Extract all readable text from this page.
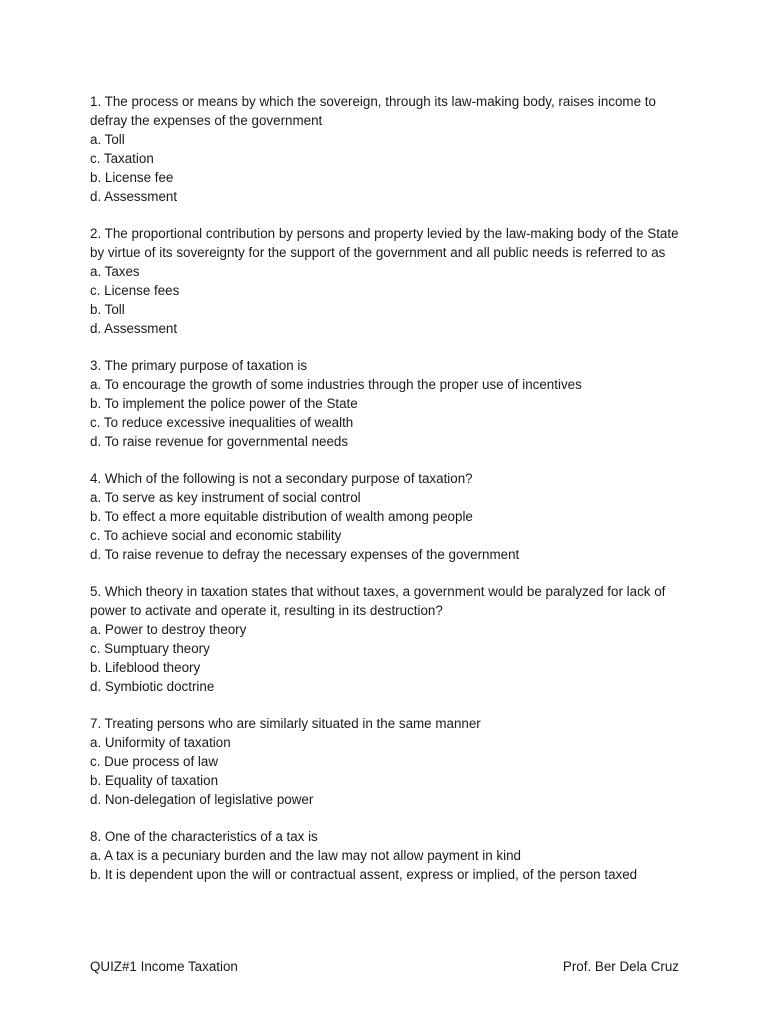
1. The process or means by which the sovereign, through its law-making body, raises income to defray the expenses of the government
a. Toll
c. Taxation
b. License fee
d. Assessment
2. The proportional contribution by persons and property levied by the law-making body of the State by virtue of its sovereignty for the support of the government and all public needs is referred to as
a. Taxes
c. License fees
b. Toll
d. Assessment
3. The primary purpose of taxation is
a. To encourage the growth of some industries through the proper use of incentives
b. To implement the police power of the State
c. To reduce excessive inequalities of wealth
d. To raise revenue for governmental needs
4. Which of the following is not a secondary purpose of taxation?
a. To serve as key instrument of social control
b. To effect a more equitable distribution of wealth among people
c. To achieve social and economic stability
d. To raise revenue to defray the necessary expenses of the government
5. Which theory in taxation states that without taxes, a government would be paralyzed for lack of power to activate and operate it, resulting in its destruction?
a. Power to destroy theory
c. Sumptuary theory
b. Lifeblood theory
d. Symbiotic doctrine
7. Treating persons who are similarly situated in the same manner
a. Uniformity of taxation
c. Due process of law
b. Equality of taxation
d. Non-delegation of legislative power
8. One of the characteristics of a tax is
a. A tax is a pecuniary burden and the law may not allow payment in kind
b. It is dependent upon the will or contractual assent, express or implied, of the person taxed
QUIZ#1 Income Taxation	Prof. Ber Dela Cruz
